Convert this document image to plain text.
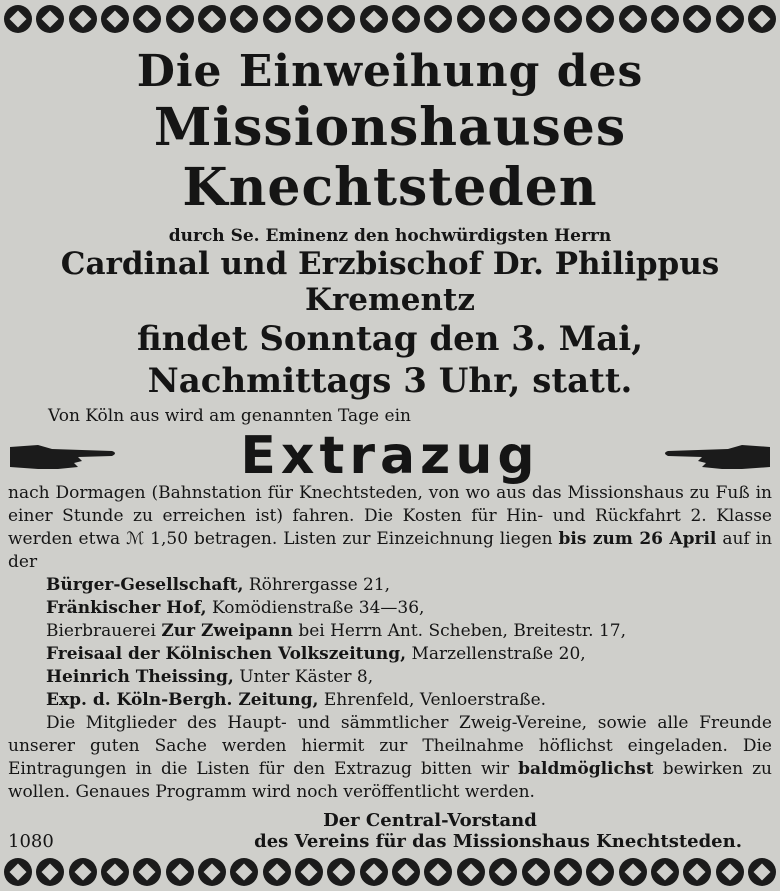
Die Einweihung des
Missionshauses Knechtsteden
durch Se. Eminenz den hochwürdigsten Herrn
Cardinal und Erzbischof Dr. Philippus Krementz
findet Sonntag den 3. Mai,
Nachmittags 3 Uhr, statt.
Von Köln aus wird am genannten Tage ein
Extrazug
nach Dormagen (Bahnstation für Knechtsteden, von wo aus das Missionshaus zu Fuß in einer Stunde zu erreichen ist) fahren. Die Kosten für Hin- und Rückfahrt 2. Klasse werden etwa ℳ 1,50 betragen. Listen zur Einzeichnung liegen bis zum 26 April auf in der
Bürger-Gesellschaft, Röhrergasse 21,
Fränkischer Hof, Komödienstraße 34—36,
Bierbrauerei Zur Zweipann bei Herrn Ant. Scheben, Breitestr. 17,
Freisaal der Kölnischen Volkszeitung, Marzellenstraße 20,
Heinrich Theissing, Unter Käster 8,
Exp. d. Köln-Bergh. Zeitung, Ehrenfeld, Venloerstraße.
Die Mitglieder des Haupt- und sämmtlicher Zweig-Vereine, sowie alle Freunde unserer guten Sache werden hiermit zur Theilnahme höflichst eingeladen. Die Eintragungen in die Listen für den Extrazug bitten wir baldmöglichst bewirken zu wollen. Genaues Programm wird noch veröffentlicht werden.
Der Central-Vorstand
1080	des Vereins für das Missionshaus Knechtsteden.
